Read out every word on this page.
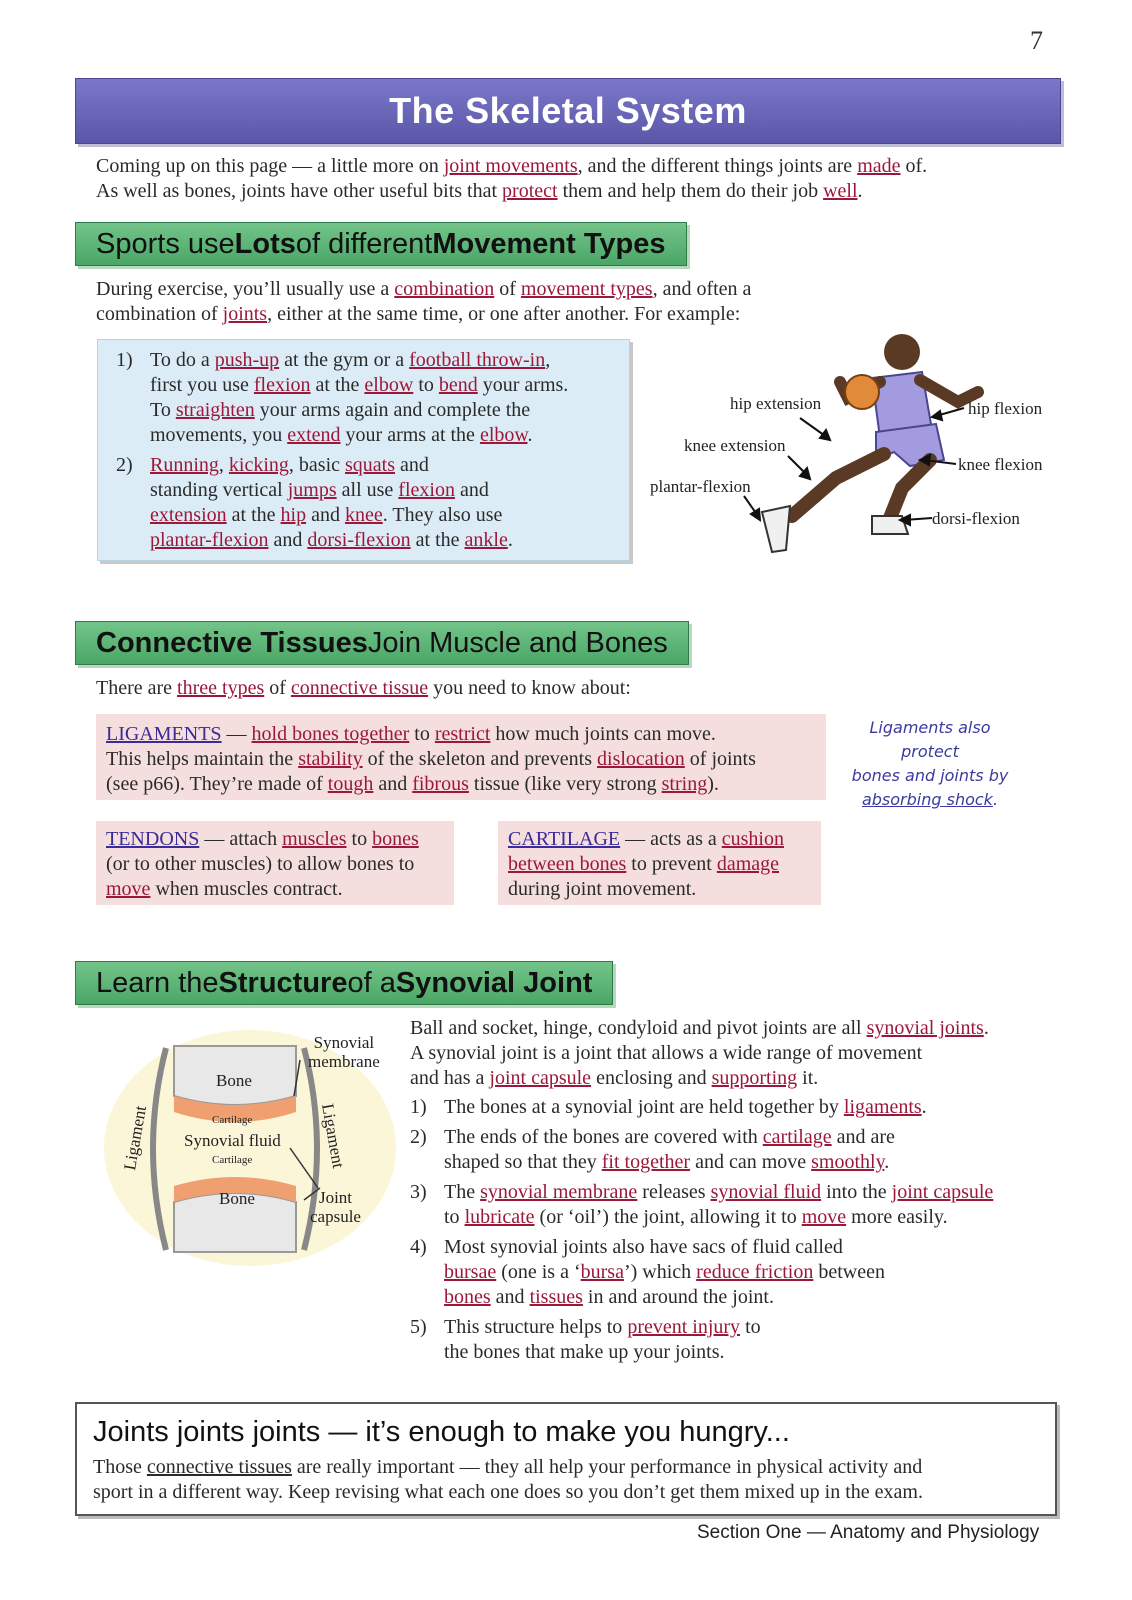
7
The Skeletal System
Coming up on this page — a little more on joint movements, and the different things joints are made of.
As well as bones, joints have other useful bits that protect them and help them do their job well.
Sports use Lots of different Movement Types
During exercise, you’ll usually use a combination of movement types, and often a
combination of joints, either at the same time, or one after another. For example:
1) To do a push-up at the gym or a football throw-in,
first you use flexion at the elbow to bend your arms.
To straighten your arms again and complete the
movements, you extend your arms at the elbow.
2) Running, kicking, basic squats and
standing vertical jumps all use flexion and
extension at the hip and knee. They also use
plantar-flexion and dorsi-flexion at the ankle.
hip extension	hip flexion
knee extension
knee flexion
plantar-flexion
dorsi-flexion
Connective Tissues Join Muscle and Bones
There are three types of connective tissue you need to know about:
LIGAMENTS — hold bones together to restrict how much joints can move.
This helps maintain the stability of the skeleton and prevents dislocation of joints
(see p66). They’re made of tough and fibrous tissue (like very strong string).
Ligaments also protect
bones and joints by
absorbing shock.
TENDONS — attach muscles to bones
(or to other muscles) to allow bones to
move when muscles contract.
CARTILAGE — acts as a cushion
between bones to prevent damage
during joint movement.
Learn the Structure of a Synovial Joint
Bone
Cartilage
Synovial fluid
Cartilage
Bone
Ligament	Ligament
Synovial
membrane
Joint
capsule
Ball and socket, hinge, condyloid and pivot joints are all synovial joints.
A synovial joint is a joint that allows a wide range of movement
and has a joint capsule enclosing and supporting it.
1) The bones at a synovial joint are held together by ligaments.
2) The ends of the bones are covered with cartilage and are
shaped so that they fit together and can move smoothly.
3) The synovial membrane releases synovial fluid into the joint capsule
to lubricate (or ‘oil’) the joint, allowing it to move more easily.
4) Most synovial joints also have sacs of fluid called
bursae (one is a ‘bursa’) which reduce friction between
bones and tissues in and around the joint.
5) This structure helps to prevent injury to
the bones that make up your joints.
Joints joints joints — it’s enough to make you hungry...
Those connective tissues are really important — they all help your performance in physical activity and
sport in a different way. Keep revising what each one does so you don’t get them mixed up in the exam.
Section One — Anatomy and Physiology
